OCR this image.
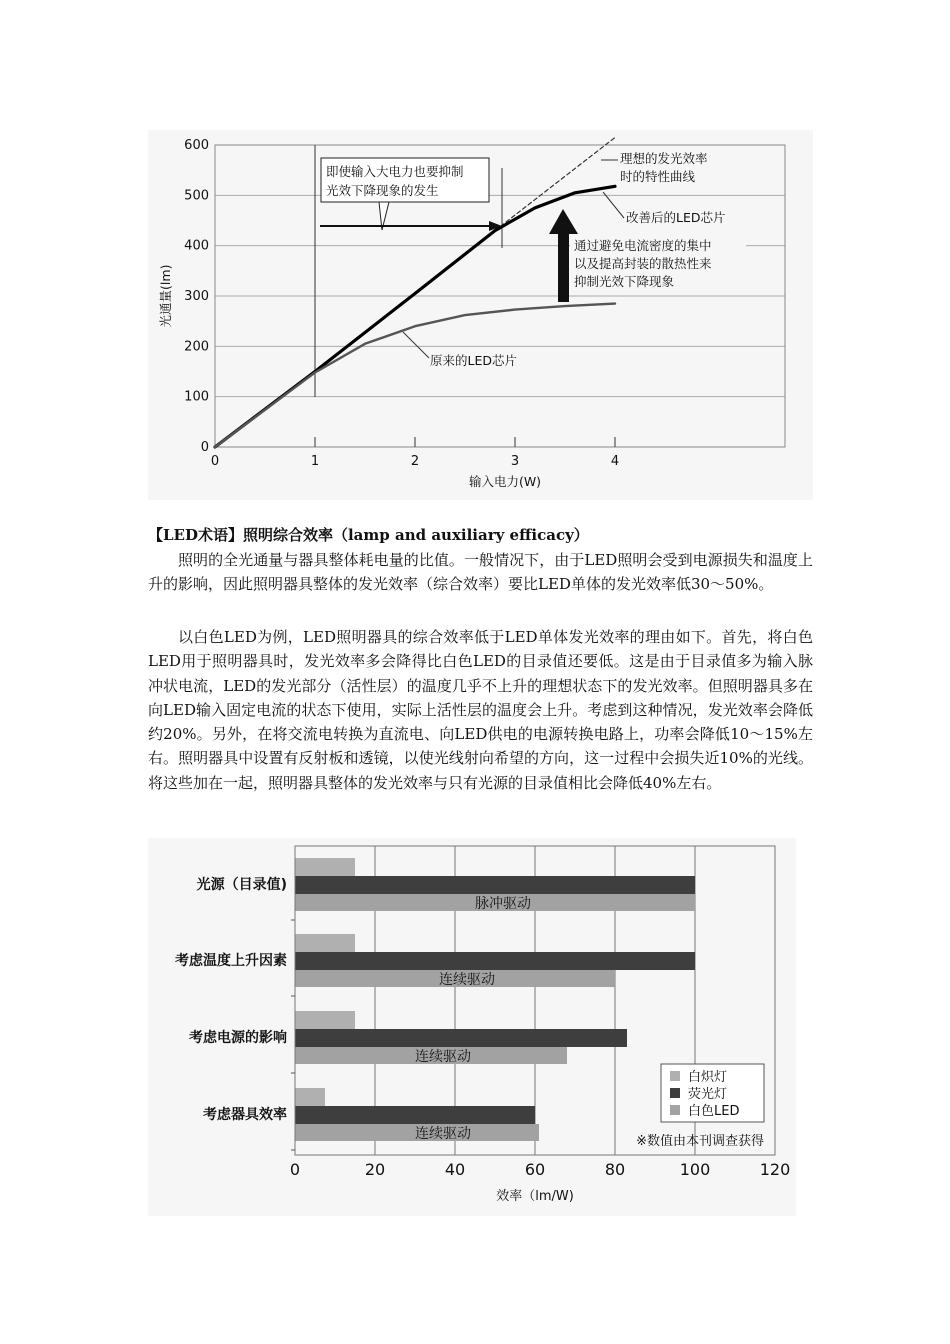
0
100
200
300
400
500
600
0	1	2	3	4
即使输入大电力也要抑制
光效下降现象的发生
理想的发光效率
时的特性曲线
改善后的LED芯片
通过避免电流密度的集中
以及提高封装的散热性来
抑制光效下降现象
原来的LED芯片
输入电力(W)
光通量(lm)
【LED术语】照明综合效率（lamp and auxiliary efficacy）

照明的全光通量与器具整体耗电量的比值。一般情况下，由于LED照明会受到电源损失和温度上升的影响，因此照明器具整体的发光效率（综合效率）要比LED单体的发光效率低30～50%。

以白色LED为例，LED照明器具的综合效率低于LED单体发光效率的理由如下。首先，将白色LED用于照明器具时，发光效率多会降得比白色LED的目录值还要低。这是由于目录值多为输入脉冲状电流，LED的发光部分（活性层）的温度几乎不上升的理想状态下的发光效率。但照明器具多在向LED输入固定电流的状态下使用，实际上活性层的温度会上升。考虑到这种情况，发光效率会降低约20%。另外，在将交流电转换为直流电、向LED供电的电源转换电路上，功率会降低10～15%左右。照明器具中设置有反射板和透镜，以使光线射向希望的方向，这一过程中会损失近10%的光线。将这些加在一起，照明器具整体的发光效率与只有光源的目录值相比会降低40%左右。

脉冲驱动
连续驱动
连续驱动
连续驱动
光源（目录值)
考虑温度上升因素
考虑电源的影响
考虑器具效率
0	20	40	60	80	100	120
白炽灯
荧光灯
白色LED
※数值由本刊调查获得
效率（lm/W)
